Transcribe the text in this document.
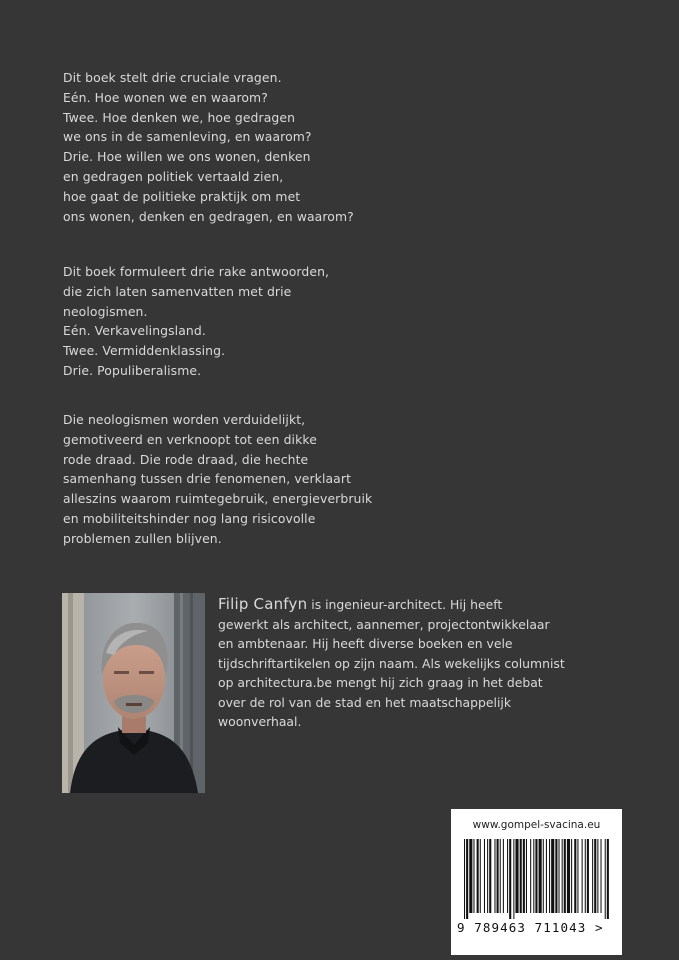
Dit boek stelt drie cruciale vragen.
Eén. Hoe wonen we en waarom?
Twee. Hoe denken we, hoe gedragen
we ons in de samenleving, en waarom?
Drie. Hoe willen we ons wonen, denken
en gedragen politiek vertaald zien,
hoe gaat de politieke praktijk om met
ons wonen, denken en gedragen, en waarom?
Dit boek formuleert drie rake antwoorden,
die zich laten samenvatten met drie
neologismen.
Eén. Verkavelingsland.
Twee. Vermiddenklassing.
Drie. Populiberalisme.
Die neologismen worden verduidelijkt,
gemotiveerd en verknoopt tot een dikke
rode draad. Die rode draad, die hechte
samenhang tussen drie fenomenen, verklaart
alleszins waarom ruimtegebruik, energieverbruik
en mobiliteitshinder nog lang risicovolle
problemen zullen blijven.
Filip Canfyn is ingenieur-architect. Hij heeft
gewerkt als architect, aannemer, projectontwikkelaar
en ambtenaar. Hij heeft diverse boeken en vele
tijdschriftartikelen op zijn naam. Als wekelijks columnist
op architectura.be mengt hij zich graag in het debat
over de rol van de stad en het maatschappelijk
woonverhaal.
www.gompel-svacina.eu
9 789463 711043 >
